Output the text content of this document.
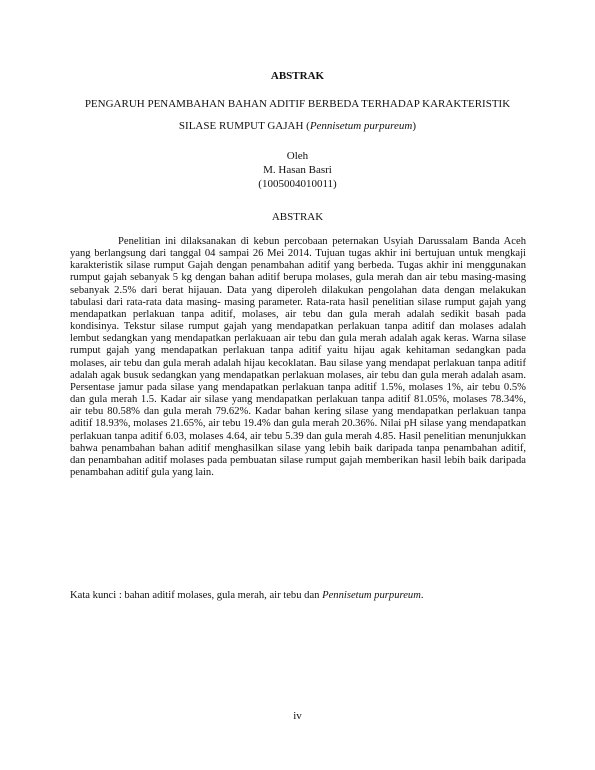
ABSTRAK
PENGARUH PENAMBAHAN BAHAN ADITIF BERBEDA TERHADAP KARAKTERISTIK
SILASE RUMPUT GAJAH (Pennisetum purpureum)
Oleh
M. Hasan Basri
(1005004010011)
ABSTRAK

Penelitian ini dilaksanakan di kebun percobaan peternakan Usyiah Darussalam Banda Aceh yang berlangsung dari tanggal 04 sampai 26 Mei 2014. Tujuan tugas akhir ini bertujuan untuk mengkaji karakteristik silase rumput Gajah dengan penambahan aditif yang berbeda. Tugas akhir ini menggunakan rumput gajah sebanyak 5 kg dengan bahan aditif berupa molases, gula merah dan air tebu masing-masing sebanyak 2.5% dari berat hijauan. Data yang diperoleh dilakukan pengolahan data dengan melakukan tabulasi dari rata-rata data masing- masing parameter. Rata-rata hasil penelitian silase rumput gajah yang mendapatkan perlakuan tanpa aditif, molases, air tebu dan gula merah adalah sedikit basah pada kondisinya. Tekstur silase rumput gajah yang mendapatkan perlakuan tanpa aditif dan molases adalah lembut sedangkan yang mendapatkan perlakuaan air tebu dan gula merah adalah agak keras. Warna silase rumput gajah yang mendapatkan perlakuan tanpa aditif yaitu hijau agak kehitaman sedangkan pada molases, air tebu dan gula merah adalah hijau kecoklatan. Bau silase yang mendapat perlakuan tanpa aditif adalah agak busuk sedangkan yang mendapatkan perlakuan molases, air tebu dan gula merah adalah asam. Persentase jamur pada silase yang mendapatkan perlakuan tanpa aditif 1.5%, molases 1%, air tebu 0.5% dan gula merah 1.5. Kadar air silase yang mendapatkan perlakuan tanpa aditif 81.05%, molases 78.34%, air tebu 80.58% dan gula merah 79.62%. Kadar bahan kering silase yang mendapatkan perlakuan tanpa aditif 18.93%, molases 21.65%, air tebu 19.4% dan gula merah 20.36%. Nilai pH silase yang mendapatkan perlakuan tanpa aditif 6.03, molases 4.64, air tebu 5.39 dan gula merah 4.85. Hasil penelitian menunjukkan bahwa penambahan bahan aditif menghasilkan silase yang lebih baik daripada tanpa penambahan aditif, dan penambahan aditif molases pada pembuatan silase rumput gajah memberikan hasil lebih baik daripada penambahan aditif gula yang lain.

Kata kunci : bahan aditif molases, gula merah, air tebu dan Pennisetum purpureum.
iv
